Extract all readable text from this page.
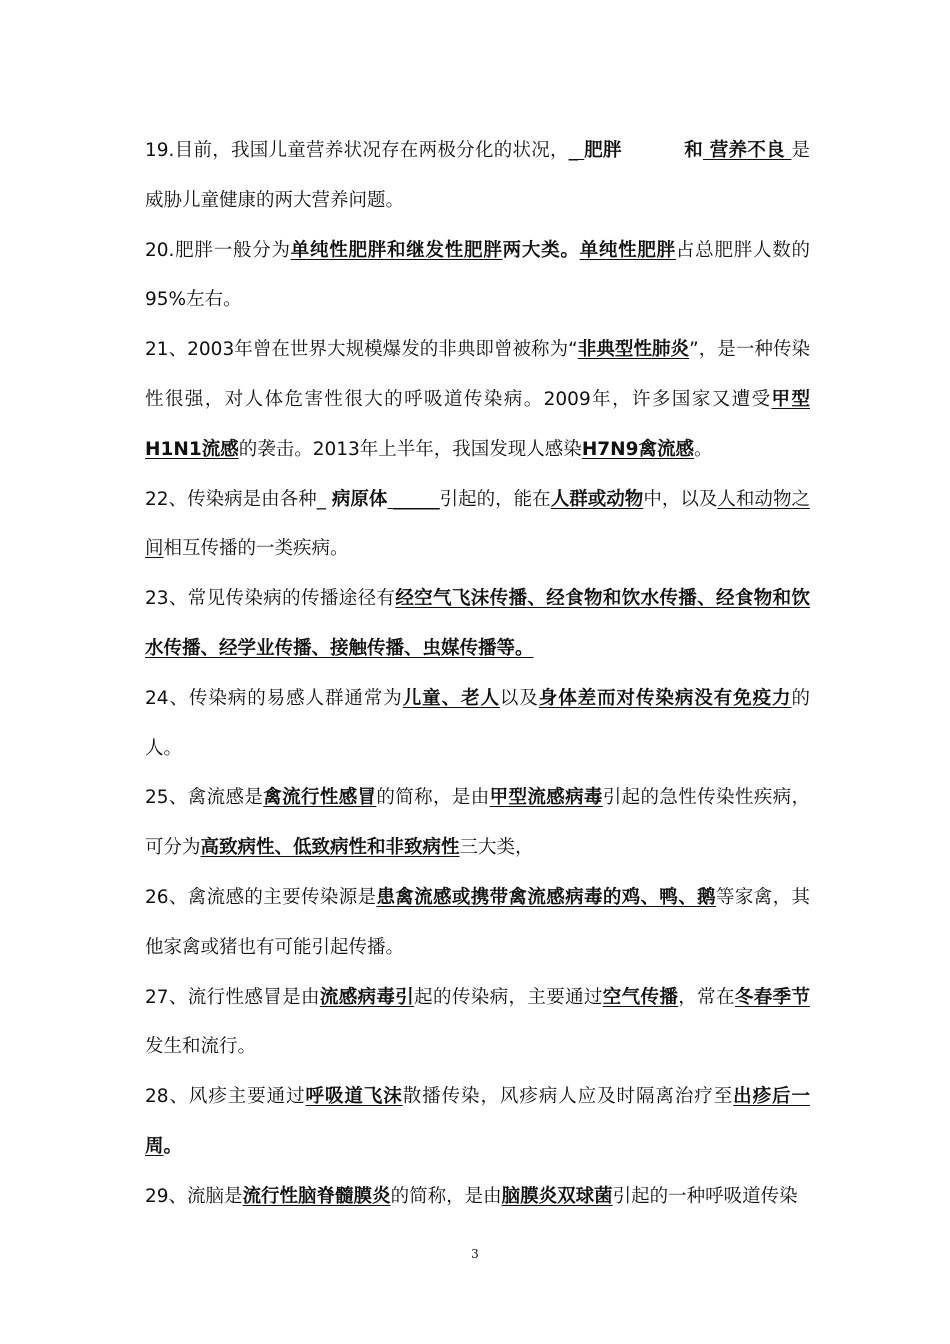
19.目前，我国儿童营养状况存在两极分化的状况，_ 肥胖　　　	和 营养不良 是威胁儿童健康的两大营养问题。

20.肥胖一般分为单纯性肥胖和继发性肥胖两大类。单纯性肥胖占总肥胖人数的95%左右。

21、2003年曾在世界大规模爆发的非典即曾被称为“非典型性肺炎”，是一种传染性很强，对人体危害性很大的呼吸道传染病。2009年，许多国家又遭受甲型H1N1流感的袭击。2013年上半年，我国发现人感染H7N9禽流感。

22、传染病是由各种_ 病原体 _____引起的，能在人群或动物中，以及人和动物之间相互传播的一类疾病。

23、常见传染病的传播途径有经空气飞沫传播、经食物和饮水传播、经食物和饮水传播、经学业传播、接触传播、虫媒传播等。

24、传染病的易感人群通常为儿童、老人以及身体差而对传染病没有免疫力的人。

25、禽流感是禽流行性感冒的简称，是由甲型流感病毒引起的急性传染性疾病，可分为高致病性、低致病性和非致病性三大类，

26、禽流感的主要传染源是患禽流感或携带禽流感病毒的鸡、鸭、鹅等家禽，其他家禽或猪也有可能引起传播。

27、流行性感冒是由流感病毒引起的传染病，主要通过空气传播，常在冬春季节发生和流行。

28、风疹主要通过呼吸道飞沫散播传染，风疹病人应及时隔离治疗至出疹后一周。

29、流脑是流行性脑脊髓膜炎的简称，是由脑膜炎双球菌引起的一种呼吸道传染

3
